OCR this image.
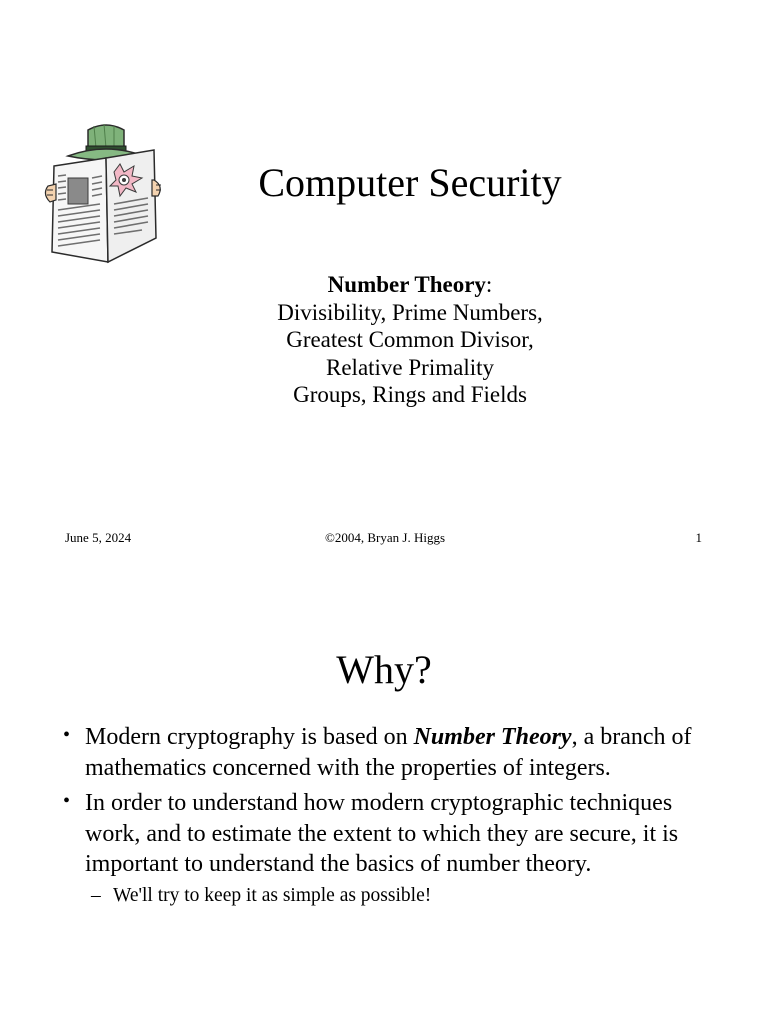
Computer Security
Number Theory:
Divisibility, Prime Numbers,
Greatest Common Divisor,
Relative Primality
Groups, Rings and Fields
June 5, 2024	©2004, Bryan J. Higgs	1
Why?
• Modern cryptography is based on Number Theory, a branch of mathematics concerned with the properties of integers.
• In order to understand how modern cryptographic techniques work, and to estimate the extent to which they are secure, it is important to understand the basics of number theory.
– We'll try to keep it as simple as possible!
